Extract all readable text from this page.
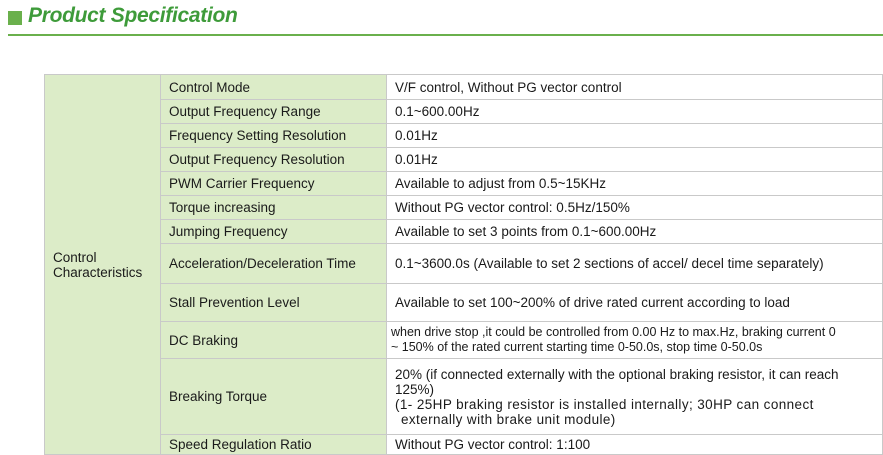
Product Specification
Control
Characteristics	Control Mode	V/F control, Without PG vector control
	Output Frequency Range	0.1~600.00Hz
	Frequency Setting Resolution	0.01Hz
	Output Frequency Resolution	0.01Hz
	PWM Carrier Frequency	Available to adjust from 0.5~15KHz
	Torque increasing	Without PG vector control: 0.5Hz/150%
	Jumping Frequency	Available to set 3 points from 0.1~600.00Hz
	Acceleration/Deceleration Time	0.1~3600.0s (Available to set 2 sections of accel/ decel time separately)
	Stall Prevention Level	Available to set 100~200% of drive rated current according to load
	DC Braking	when drive stop ,it could be controlled from 0.00 Hz to max.Hz, braking current 0
~ 150% of the rated current starting time 0-50.0s, stop time 0-50.0s

	Breaking Torque	20% (if connected externally with the optional braking resistor, it can reach
125%)
(1- 25HP braking resistor is installed internally; 30HP can connect
externally with brake unit module)

	Speed Regulation Ratio	Without PG vector control: 1:100
